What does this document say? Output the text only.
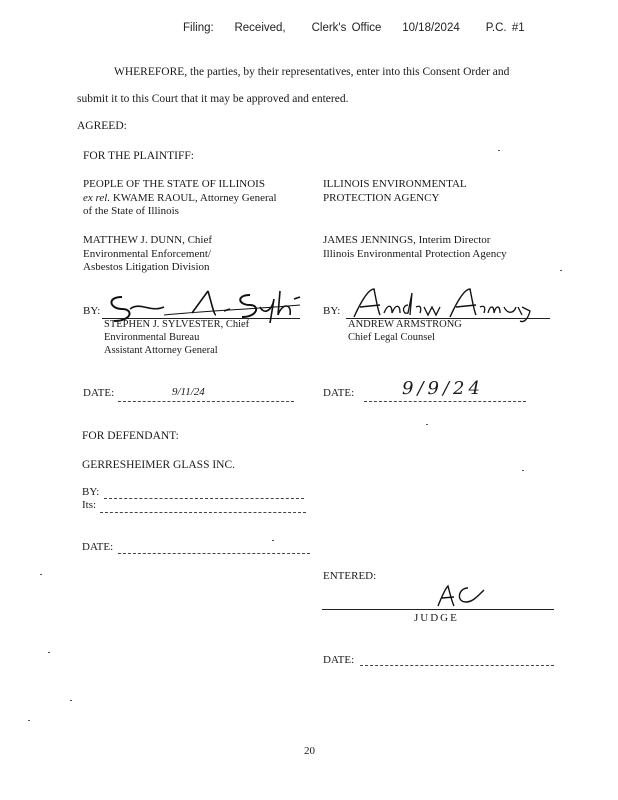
Filing: Received, Clerk's Office 10/18/2024 P.C. #1
WHEREFORE, the parties, by their representatives, enter into this Consent Order and
submit it to this Court that it may be approved and entered.
AGREED:
FOR THE PLAINTIFF:
PEOPLE OF THE STATE OF ILLINOIS
ex rel. KWAME RAOUL, Attorney General
of the State of Illinois
ILLINOIS ENVIRONMENTAL
PROTECTION AGENCY
MATTHEW J. DUNN, Chief
Environmental Enforcement/
Asbestos Litigation Division
JAMES JENNINGS, Interim Director
Illinois Environmental Protection Agency
BY:
STEPHEN J. SYLVESTER, Chief
Environmental Bureau
Assistant Attorney General
BY:
ANDREW ARMSTRONG
Chief Legal Counsel
DATE:	9/11/24	DATE:	9/9/24
FOR DEFENDANT:
GERRESHEIMER GLASS INC.
BY:
Its:
DATE:
ENTERED:
JUDGE
DATE:
20
